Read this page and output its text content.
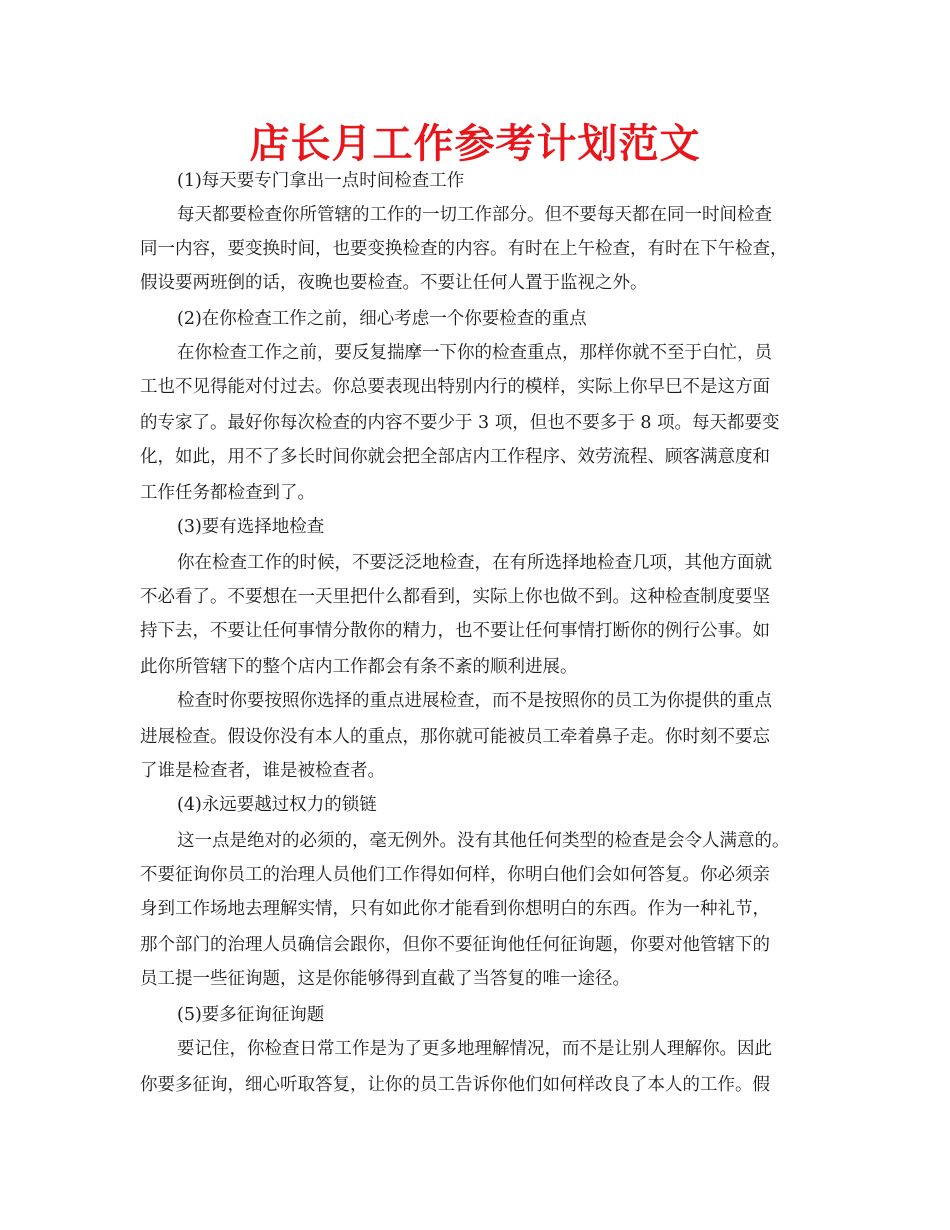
店长月工作参考计划范文
(1)每天要专门拿出一点时间检查工作
每天都要检查你所管辖的工作的一切工作部分。但不要每天都在同一时间检查
同一内容，要变换时间，也要变换检查的内容。有时在上午检查，有时在下午检查，
假设要两班倒的话，夜晚也要检查。不要让任何人置于监视之外。
(2)在你检查工作之前，细心考虑一个你要检查的重点
在你检查工作之前，要反复揣摩一下你的检查重点，那样你就不至于白忙，员
工也不见得能对付过去。你总要表现出特别内行的模样，实际上你早巳不是这方面
的专家了。最好你每次检查的内容不要少于 3 项，但也不要多于 8 项。每天都要变
化，如此，用不了多长时间你就会把全部店内工作程序、效劳流程、顾客满意度和
工作任务都检查到了。
(3)要有选择地检查
你在检查工作的时候，不要泛泛地检查，在有所选择地检查几项，其他方面就
不必看了。不要想在一天里把什么都看到，实际上你也做不到。这种检查制度要坚
持下去，不要让任何事情分散你的精力，也不要让任何事情打断你的例行公事。如
此你所管辖下的整个店内工作都会有条不紊的顺利进展。
检查时你要按照你选择的重点进展检查，而不是按照你的员工为你提供的重点
进展检查。假设你没有本人的重点，那你就可能被员工牵着鼻子走。你时刻不要忘
了谁是检查者，谁是被检查者。
(4)永远要越过权力的锁链
这一点是绝对的必须的，毫无例外。没有其他任何类型的检查是会令人满意的。
不要征询你员工的治理人员他们工作得如何样，你明白他们会如何答复。你必须亲
身到工作场地去理解实情，只有如此你才能看到你想明白的东西。作为一种礼节，
那个部门的治理人员确信会跟你，但你不要征询他任何征询题，你要对他管辖下的
员工提一些征询题，这是你能够得到直截了当答复的唯一途径。
(5)要多征询征询题
要记住，你检查日常工作是为了更多地理解情况，而不是让别人理解你。因此
你要多征询，细心听取答复，让你的员工告诉你他们如何样改良了本人的工作。假
